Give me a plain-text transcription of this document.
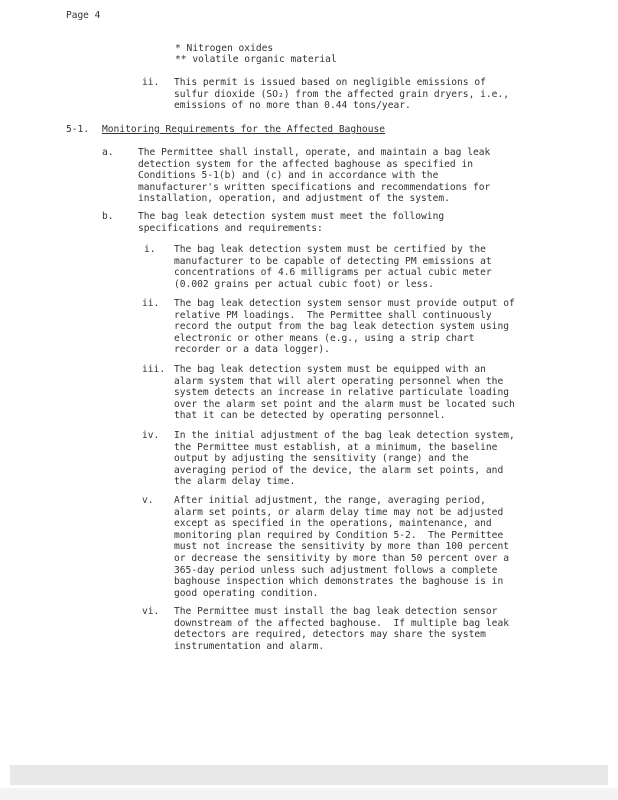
Page 4
* Nitrogen oxides
** volatile organic material
ii. This permit is issued based on negligible emissions of
sulfur dioxide (SO₂) from the affected grain dryers, i.e.,
emissions of no more than 0.44 tons/year.
5-1. Monitoring Requirements for the Affected Baghouse
a.	The Permittee shall install, operate, and maintain a bag leak
detection system for the affected baghouse as specified in
Conditions 5-1(b) and (c) and in accordance with the
manufacturer's written specifications and recommendations for
installation, operation, and adjustment of the system.
b.	The bag leak detection system must meet the following
specifications and requirements:
i. The bag leak detection system must be certified by the
manufacturer to be capable of detecting PM emissions at
concentrations of 4.6 milligrams per actual cubic meter
(0.002 grains per actual cubic foot) or less.
ii. The bag leak detection system sensor must provide output of
relative PM loadings.  The Permittee shall continuously
record the output from the bag leak detection system using
electronic or other means (e.g., using a strip chart
recorder or a data logger).
iii. The bag leak detection system must be equipped with an
alarm system that will alert operating personnel when the
system detects an increase in relative particulate loading
over the alarm set point and the alarm must be located such
that it can be detected by operating personnel.
iv. In the initial adjustment of the bag leak detection system,
the Permittee must establish, at a minimum, the baseline
output by adjusting the sensitivity (range) and the
averaging period of the device, the alarm set points, and
the alarm delay time.
v. After initial adjustment, the range, averaging period,
alarm set points, or alarm delay time may not be adjusted
except as specified in the operations, maintenance, and
monitoring plan required by Condition 5-2.  The Permittee
must not increase the sensitivity by more than 100 percent
or decrease the sensitivity by more than 50 percent over a
365-day period unless such adjustment follows a complete
baghouse inspection which demonstrates the baghouse is in
good operating condition.
vi. The Permittee must install the bag leak detection sensor
downstream of the affected baghouse.  If multiple bag leak
detectors are required, detectors may share the system
instrumentation and alarm.
